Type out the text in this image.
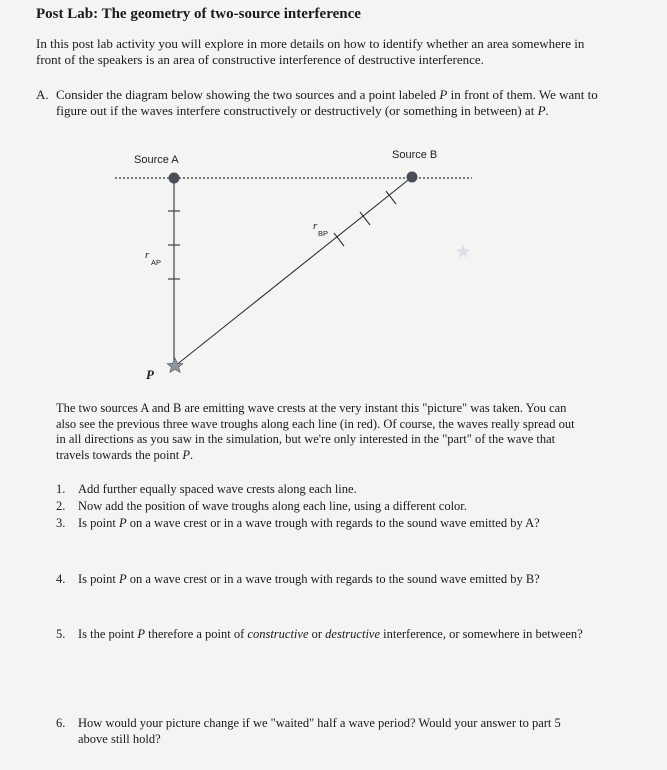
Post Lab: The geometry of two-source interference
In this post lab activity you will explore in more details on how to identify whether an area somewhere in front of the speakers is an area of constructive interference of destructive interference.
A. Consider the diagram below showing the two sources and a point labeled P in front of them. We want to figure out if the waves interfere constructively or destructively (or something in between) at P.
Source A	Source B
r
AP
r
BP
P
The two sources A and B are emitting wave crests at the very instant this "picture" was taken. You can also see the previous three wave troughs along each line (in red). Of course, the waves really spread out in all directions as you saw in the simulation, but we're only interested in the "part" of the wave that travels towards the point P.
1. Add further equally spaced wave crests along each line.
2. Now add the position of wave troughs along each line, using a different color.
3. Is point P on a wave crest or in a wave trough with regards to the sound wave emitted by A?
4. Is point P on a wave crest or in a wave trough with regards to the sound wave emitted by B?
5. Is the point P therefore a point of constructive or destructive interference, or somewhere in between?
6. How would your picture change if we "waited" half a wave period? Would your answer to part 5 above still hold?
